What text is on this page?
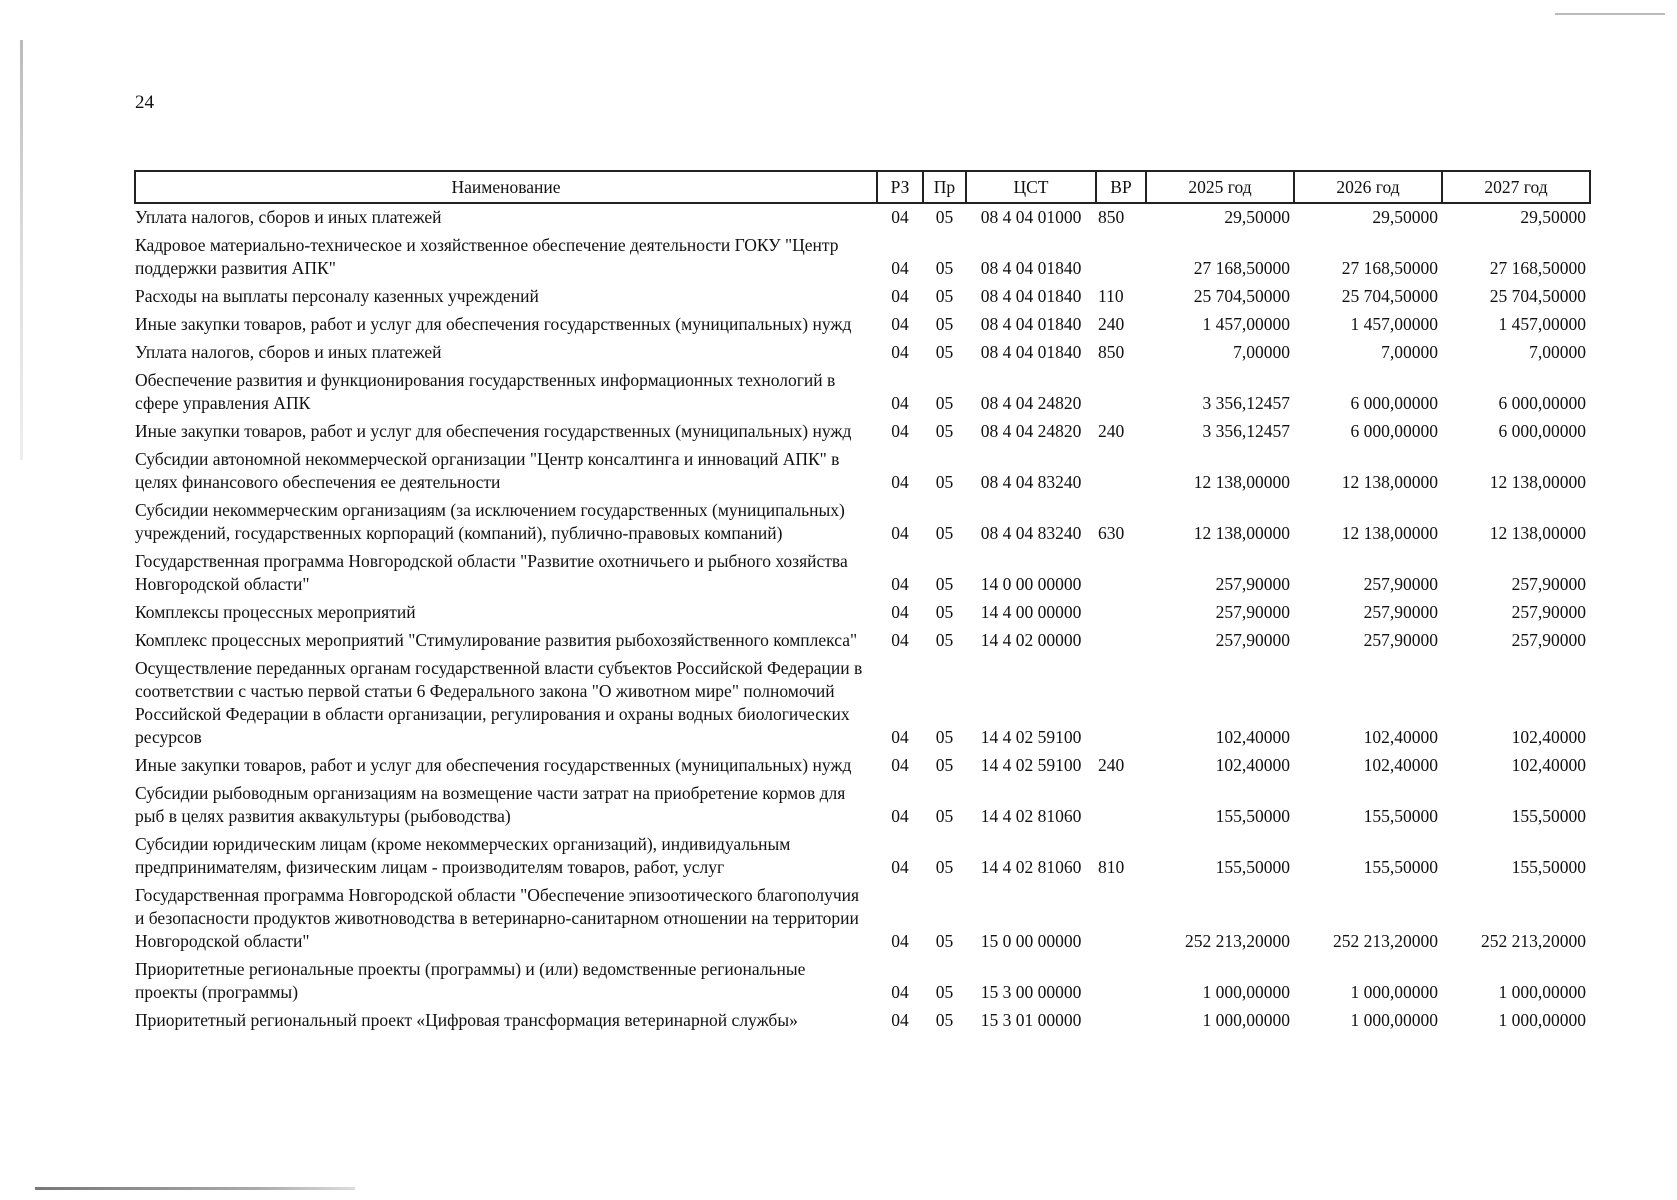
24
Наименование	РЗ	Пр	ЦСТ	ВР	2025 год	2026 год	2027 год
Уплата налогов, сборов и иных платежей	04	05	08 4 04 01000	850	29,50000	29,50000	29,50000
Кадровое материально-техническое и хозяйственное обеспечение деятельности ГОКУ "Центр поддержки развития АПК"	04	05	08 4 04 01840		27 168,50000	27 168,50000	27 168,50000
Расходы на выплаты персоналу казенных учреждений	04	05	08 4 04 01840	110	25 704,50000	25 704,50000	25 704,50000
Иные закупки товаров, работ и услуг для обеспечения государственных (муниципальных) нужд	04	05	08 4 04 01840	240	1 457,00000	1 457,00000	1 457,00000
Уплата налогов, сборов и иных платежей	04	05	08 4 04 01840	850	7,00000	7,00000	7,00000
Обеспечение развития и функционирования государственных информационных технологий в сфере управления АПК	04	05	08 4 04 24820		3 356,12457	6 000,00000	6 000,00000
Иные закупки товаров, работ и услуг для обеспечения государственных (муниципальных) нужд	04	05	08 4 04 24820	240	3 356,12457	6 000,00000	6 000,00000
Субсидии автономной некоммерческой организации "Центр консалтинга и инноваций АПК" в целях финансового обеспечения ее деятельности	04	05	08 4 04 83240		12 138,00000	12 138,00000	12 138,00000
Субсидии некоммерческим организациям (за исключением государственных (муниципальных) учреждений, государственных корпораций (компаний), публично-правовых компаний)	04	05	08 4 04 83240	630	12 138,00000	12 138,00000	12 138,00000
Государственная программа Новгородской области "Развитие охотничьего и рыбного хозяйства Новгородской области"	04	05	14 0 00 00000		257,90000	257,90000	257,90000
Комплексы процессных мероприятий	04	05	14 4 00 00000		257,90000	257,90000	257,90000
Комплекс процессных мероприятий "Стимулирование развития рыбохозяйственного комплекса"	04	05	14 4 02 00000		257,90000	257,90000	257,90000
Осуществление переданных органам государственной власти субъектов Российской Федерации в соответствии с частью первой статьи 6 Федерального закона "О животном мире" полномочий Российской Федерации в области организации, регулирования и охраны водных биологических ресурсов	04	05	14 4 02 59100		102,40000	102,40000	102,40000
Иные закупки товаров, работ и услуг для обеспечения государственных (муниципальных) нужд	04	05	14 4 02 59100	240	102,40000	102,40000	102,40000
Субсидии рыбоводным организациям на возмещение части затрат на приобретение кормов для рыб в целях развития аквакультуры (рыбоводства)	04	05	14 4 02 81060		155,50000	155,50000	155,50000
Субсидии юридическим лицам (кроме некоммерческих организаций), индивидуальным предпринимателям, физическим лицам - производителям товаров, работ, услуг	04	05	14 4 02 81060	810	155,50000	155,50000	155,50000
Государственная программа Новгородской области "Обеспечение эпизоотического благополучия и безопасности продуктов животноводства в ветеринарно-санитарном отношении на территории Новгородской области"	04	05	15 0 00 00000		252 213,20000	252 213,20000	252 213,20000
Приоритетные региональные проекты (программы) и (или) ведомственные региональные проекты (программы)	04	05	15 3 00 00000		1 000,00000	1 000,00000	1 000,00000
Приоритетный региональный проект «Цифровая трансформация ветеринарной службы»	04	05	15 3 01 00000		1 000,00000	1 000,00000	1 000,00000
